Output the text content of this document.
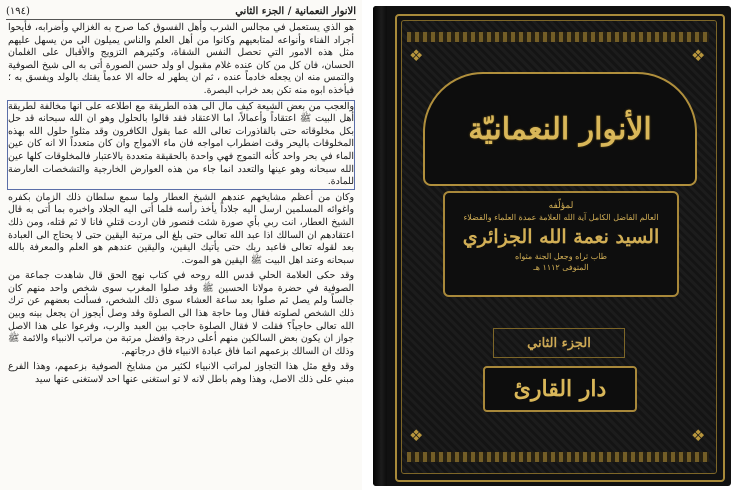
الانوار النعمانية / الجزء الثاني
(١٩٤)

هو الذي يستعمل في مجالس الشرب وأهل الفسوق كما صرح به الغزالي وأضرابه، فأيحوا أجراد الفناء وأنواعه لمتابعيهم وكانوا من أهل العلم والناس يميلون الى من يسهل عليهم مثل هذه الامور التي تحصل النفس الشقاة، وكثيرهم التزويج والأقبال على الغلمان الحسان، فان كل من كان عنده غلام مقبول او ولد حسن الصورة أتى به الى شيخ الصوفية والتمس منه ان يجعله خادماً عنده ، ثم ان يطهر له حاله الا عدماً يقتك بالولد ويفسق به ؛ فيأخذه ابوه منه تكن بعد خراب البصرة.

والعجب من بعض الشيعة كيف مال الى هذه الطريقة مع اطلاعه على انها مخالفة لطريقة أهل البيت ﷺ اعتقاداً وأعمالاً، اما الاعتقاد فقد قالوا بالحلول وهو ان الله سبحانه قد حل بكل مخلوقاته حتى بالقاذورات تعالى الله عما يقول الكافرون وقد مثلوا حلول الله بهذه المخلوقات باليحر وقت اضطراب امواجه فان ماء الامواج وان كان متعدداً الا انه كان عين الماء في بحر واحد كأنه التموج فهي واحدة بالحقيقة متعددة بالاعتبار فالمخلوقات كلها عين الله سبحانه وهو عينها والتعدد انما جاء من هذه العوارض الخارجية والتشخصات العارضة للمادة.

وكان من أعظم مشايخهم عندهم الشيخ العطار ولما سمع سلطان ذلك الزمان بكفره واغوائه المسلمين ارسل اليه جلاداً يأخذ رأسه فلما أتى اليه الجلاد واخبره بما أتى به قال الشيخ العطار، انت ربي بأي صورة شئت فنصور فان اردت قتلي فانا لا ثم قتله، ومن ذلك اعتقادهم ان السالك اذا عبد الله تعالى حتى بلغ الى مرتبة اليقين حتى لا يحتاج الى العبادة بعد لقوله تعالى فاعبد ربك حتى يأتيك اليقين، واليقين عندهم هو العلم والمعرفة بالله سبحانه وعند اهل البيت ﷺ اليقين هو الموت.

وقد حكى العلامة الحلي قدس الله روحه في كتاب نهج الحق قال شاهدت جماعة من الصوفية في حضرة مولانا الحسين ﷺ وقد صلوا المغرب سوى شخص واحد منهم كان جالساً ولم يصل ثم صلوا بعد ساعة العشاء سوى ذلك الشخص، فسألت بعضهم عن ترك ذلك الشخص لصلوته فقال وما حاجة هذا الى الصلوة وقد وصل أيجوز ان يجعل بينه وبين الله تعالى حاجباً؟ فقلت لا فقال الصلوة حاجب بين العبد والرب، وفرعوا على هذا الاصل جواز ان يكون بعض السالكين منهم أعلى درجة وافضل مرتبة من مراتب الانبياء والائمة ﷺ وذلك ان السالك بزعمهم انما فاق عبادة الانبياء فاق درجاتهم.

وقد وقع مثل هذا التجاوز لمراتب الانبياء لكثير من مشايخ الصوفية بزعمهم، وهذا الفرع مبني على ذلك الاصل، وهذا وهم باطل لانه لا تو استغنى عنها احد لاستغنى عنها سيد

❖	❖
❖	❖
الأنوار النعمانيّة
لمؤلّفه
العالم الفاضل الكامل آية الله العلامة عمدة العلماء والفضلاء
السيد نعمة الله الجزائري
طاب ثراه وجعل الجنة مثواه
المتوفى ١١١٢ هـ
الجزء الثاني
دار القارئ
